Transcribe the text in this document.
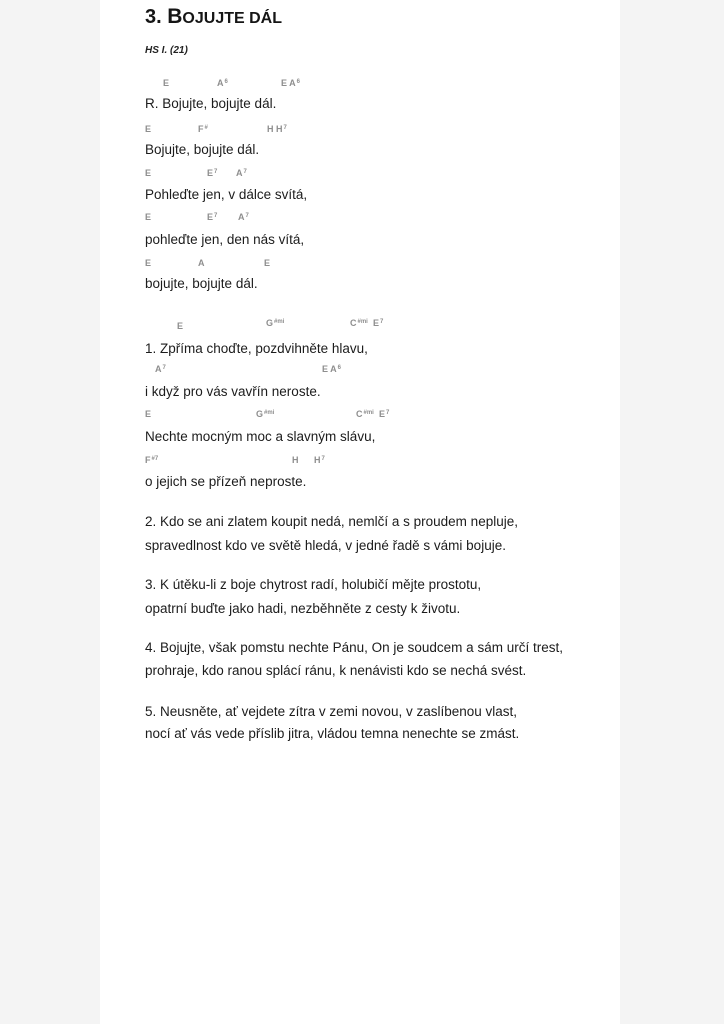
3. BOJUJTE DÁL
HS I. (21)
E	$A^6$	E $A^6$
R. Bojujte, bojujte dál.
E	F#	H $H^7$
Bojujte, bojujte dál.
E	$E^7$ $A^7$
Pohleďte jen, v dálce svítá,
E	$E^7$ $A^7$
pohleďte jen, den nás vítá,
E	A	E
bojujte, bojujte dál.
E	$G^{\#mi}$	$C^{\#mi}$ $E^7$
1. Zpříma choďte, pozdvihněte hlavu,
$A^7$	E $A^6$
i když pro vás vavřín neroste.
E	$G^{\#mi}$	$C^{\#mi}$ $E^7$
Nechte mocným moc a slavným slávu,
$F^{\#7}$	H $H^7$
o jejich se přízeň neproste.
2. Kdo se ani zlatem koupit nedá, nemlčí a s proudem nepluje,
spravedlnost kdo ve světě hledá, v jedné řadě s vámi bojuje.
3. K útěku-li z boje chytrost radí, holubičí mějte prostotu,
opatrní buďte jako hadi, nezběhněte z cesty k životu.
4. Bojujte, však pomstu nechte Pánu, On je soudcem a sám určí trest,
prohraje, kdo ranou splácí ránu, k nenávisti kdo se nechá svést.
5. Neusněte, ať vejdete zítra v zemi novou, v zaslíbenou vlast,
nocí ať vás vede příslib jitra, vládou temna nenechte se zmást.
